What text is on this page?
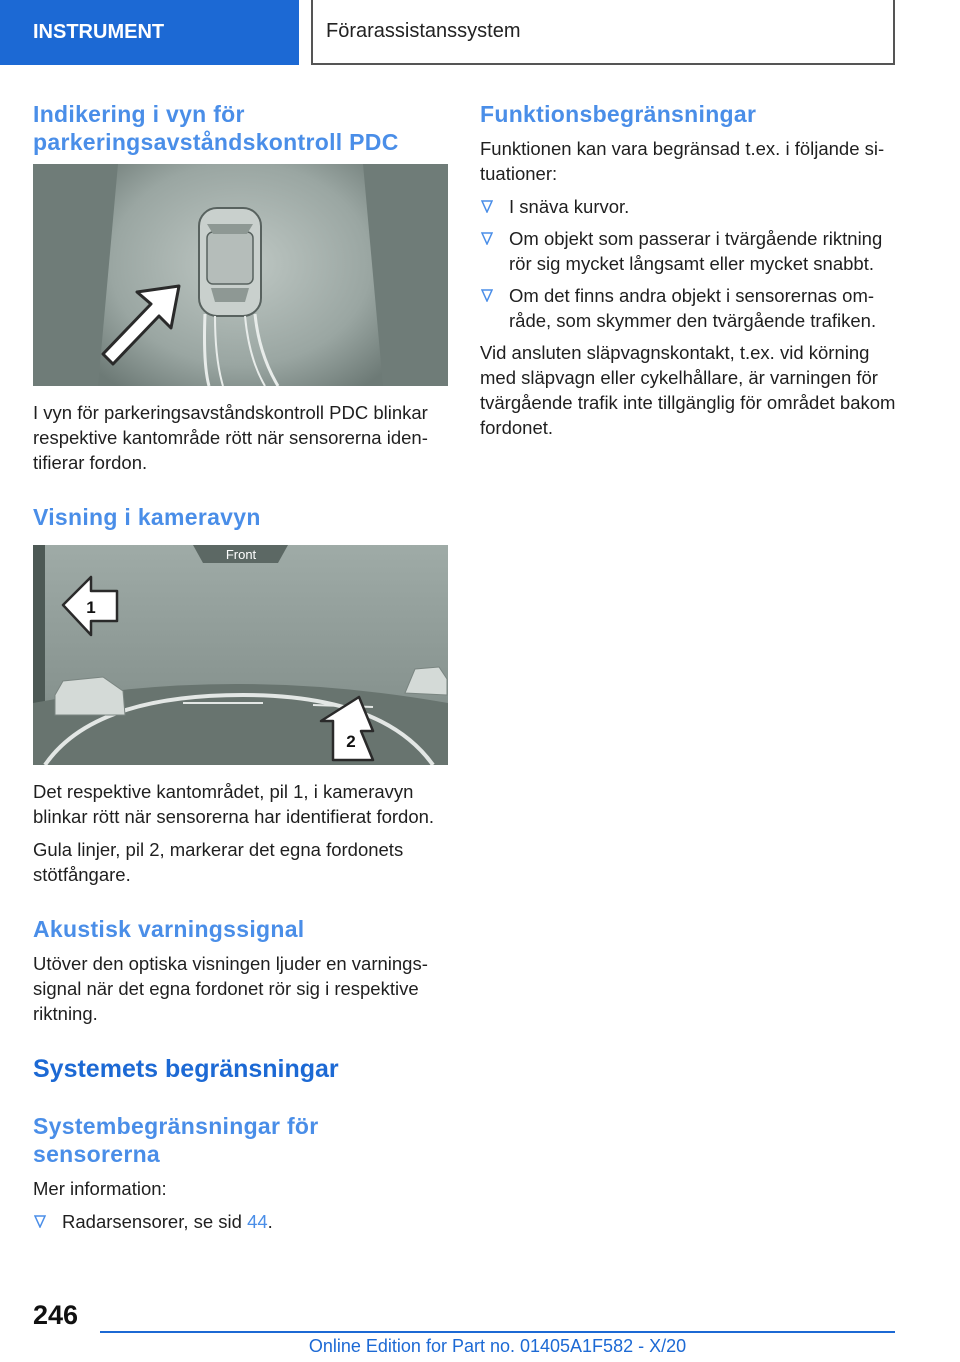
INSTRUMENT	Förarassistanssystem
Indikering i vyn för parkeringsavståndskontroll PDC

I vyn för parkeringsavståndskontroll PDC blinkar respektive kantområde rött när sensorerna iden-tifierar fordon.

Visning i kameravyn
Front
1
2

Det respektive kantområdet, pil 1, i kameravyn blinkar rött när sensorerna har identifierat fordon.

Gula linjer, pil 2, markerar det egna fordonets stötfångare.

Akustisk varningssignal

Utöver den optiska visningen ljuder en varnings-signal när det egna fordonet rör sig i respektive riktning.

Systemets begränsningar
Systembegränsningar för sensorerna

Mer information:

Radarsensorer, se sid 44.
Funktionsbegränsningar

Funktionen kan vara begränsad t.ex. i följande si-tuationer:

I snäva kurvor.
Om objekt som passerar i tvärgående riktning rör sig mycket långsamt eller mycket snabbt.
Om det finns andra objekt i sensorernas om-råde, som skymmer den tvärgående trafiken.

Vid ansluten släpvagnskontakt, t.ex. vid körning med släpvagn eller cykelhållare, är varningen för tvärgående trafik inte tillgänglig för området bakom fordonet.

246
Online Edition for Part no. 01405A1F582 - X/20
